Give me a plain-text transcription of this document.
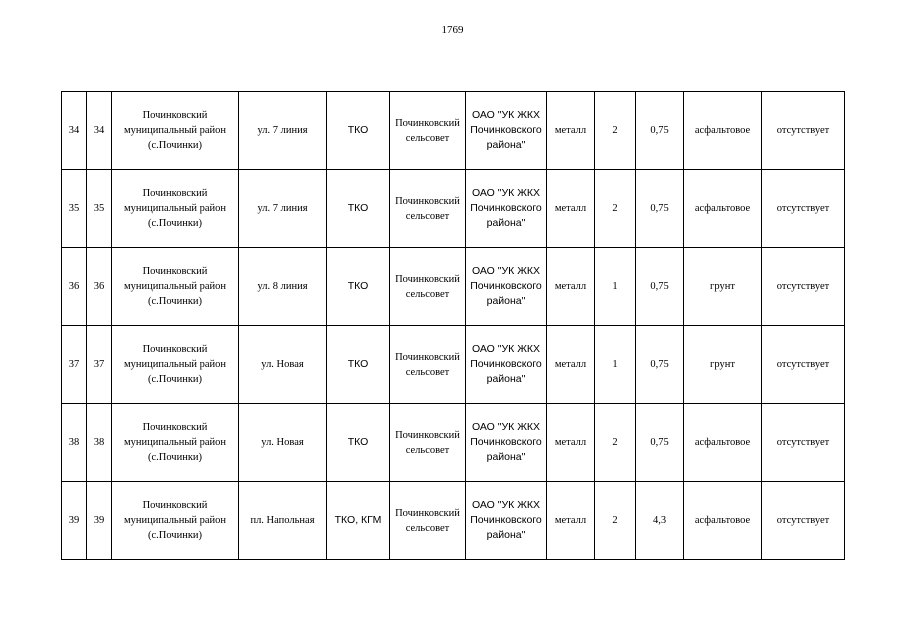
1769
34	34	Починковский муниципальный район (с.Починки)	ул. 7 линия	ТКО	Починковский сельсовет	ОАО "УК ЖКХ Починковского района"	металл	2	0,75	асфальтовое	отсутствует
35	35	Починковский муниципальный район (с.Починки)	ул. 7 линия	ТКО	Починковский сельсовет	ОАО "УК ЖКХ Починковского района"	металл	2	0,75	асфальтовое	отсутствует
36	36	Починковский муниципальный район (с.Починки)	ул. 8 линия	ТКО	Починковский сельсовет	ОАО "УК ЖКХ Починковского района"	металл	1	0,75	грунт	отсутствует
37	37	Починковский муниципальный район (с.Починки)	ул. Новая	ТКО	Починковский сельсовет	ОАО "УК ЖКХ Починковского района"	металл	1	0,75	грунт	отсутствует
38	38	Починковский муниципальный район (с.Починки)	ул. Новая	ТКО	Починковский сельсовет	ОАО "УК ЖКХ Починковского района"	металл	2	0,75	асфальтовое	отсутствует
39	39	Починковский муниципальный район (с.Починки)	пл. Напольная	ТКО, КГМ	Починковский сельсовет	ОАО "УК ЖКХ Починковского района"	металл	2	4,3	асфальтовое	отсутствует
